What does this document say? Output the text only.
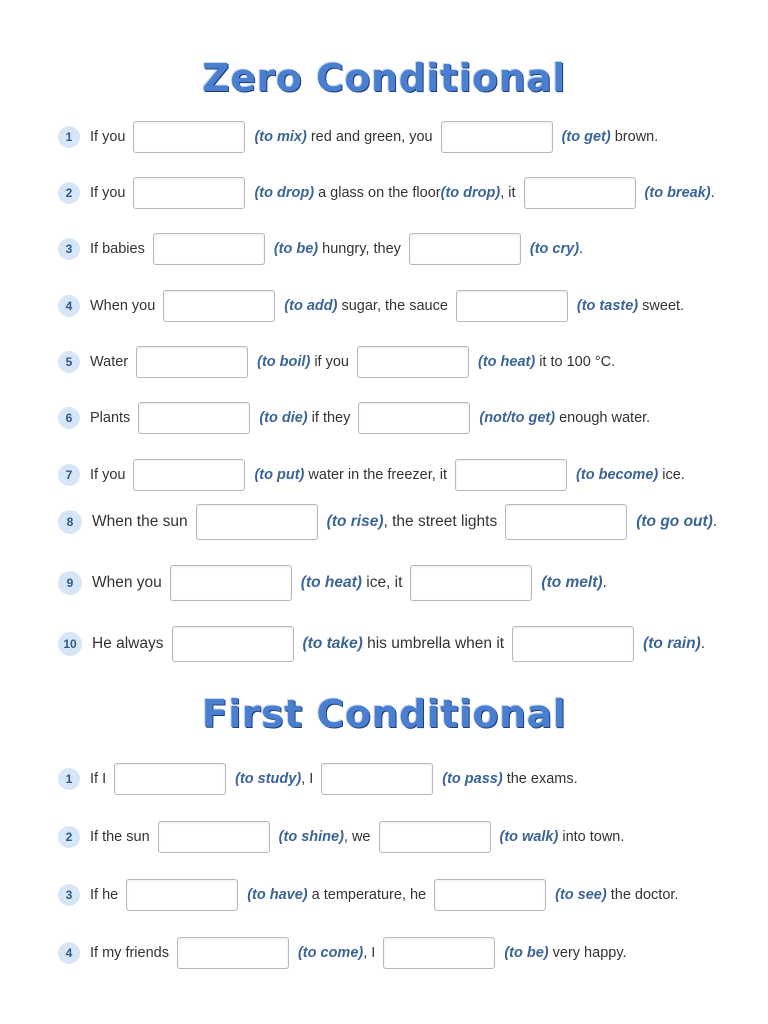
Zero Conditional
1	If you	(to mix) red and green, you	(to get) brown.
2	If you	(to drop) a glass on the floor (to drop) , it	(to break) .
3	If babies	(to be) hungry, they	(to cry) .
4	When you	(to add) sugar, the sauce	(to taste) sweet.
5	Water	(to boil) if you	(to heat) it to 100 °C.
6	Plants	(to die) if they	(not/to get) enough water.
7	If you	(to put) water in the freezer, it	(to become) ice.
8	When the sun	(to rise) , the street lights	(to go out) .
9	When you	(to heat) ice, it	(to melt) .
10 He always	(to take) his umbrella when it	(to rain) .
First Conditional
1	If I	(to study) , I	(to pass) the exams.
2	If the sun	(to shine) , we	(to walk) into town.
3	If he	(to have) a temperature, he	(to see) the doctor.
4	If my friends	(to come) , I	(to be) very happy.
